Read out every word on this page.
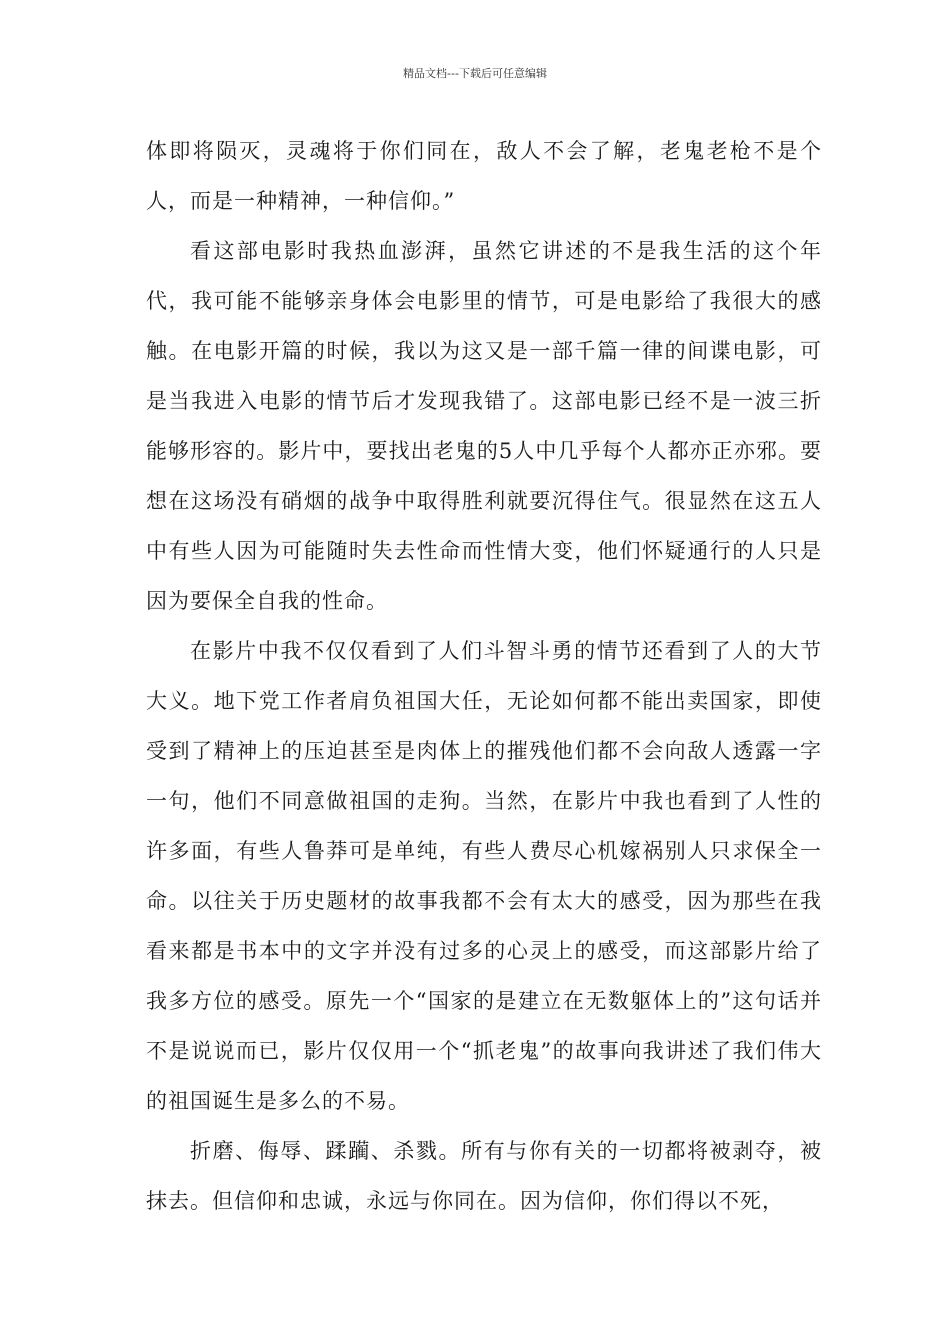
精品文档---下载后可任意编辑

体即将陨灭，灵魂将于你们同在，敌人不会了解，老鬼老枪不是个人，而是一种精神，一种信仰。”

看这部电影时我热血澎湃，虽然它讲述的不是我生活的这个年代，我可能不能够亲身体会电影里的情节，可是电影给了我很大的感触。在电影开篇的时候，我以为这又是一部千篇一律的间谍电影，可是当我进入电影的情节后才发现我错了。这部电影已经不是一波三折能够形容的。影片中，要找出老鬼的5人中几乎每个人都亦正亦邪。要想在这场没有硝烟的战争中取得胜利就要沉得住气。很显然在这五人中有些人因为可能随时失去性命而性情大变，他们怀疑通行的人只是因为要保全自我的性命。

在影片中我不仅仅看到了人们斗智斗勇的情节还看到了人的大节大义。地下党工作者肩负祖国大任，无论如何都不能出卖国家，即使受到了精神上的压迫甚至是肉体上的摧残他们都不会向敌人透露一字一句，他们不同意做祖国的走狗。当然，在影片中我也看到了人性的许多面，有些人鲁莽可是单纯，有些人费尽心机嫁祸别人只求保全一命。以往关于历史题材的故事我都不会有太大的感受，因为那些在我看来都是书本中的文字并没有过多的心灵上的感受，而这部影片给了我多方位的感受。原先一个“国家的是建立在无数躯体上的”这句话并不是说说而已，影片仅仅用一个“抓老鬼”的故事向我讲述了我们伟大的祖国诞生是多么的不易。

折磨、侮辱、蹂躏、杀戮。所有与你有关的一切都将被剥夺，被抹去。但信仰和忠诚，永远与你同在。因为信仰，你们得以不死，
